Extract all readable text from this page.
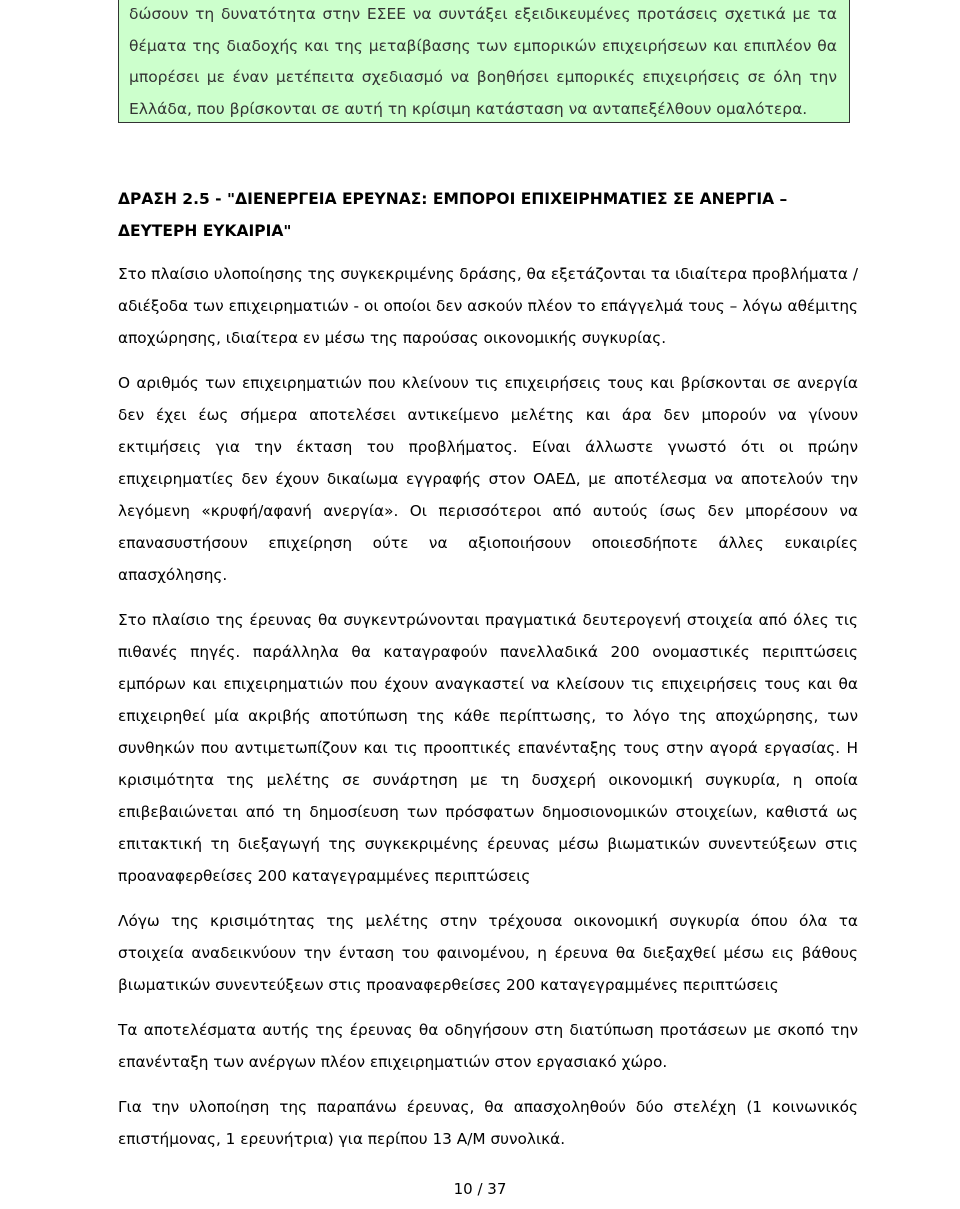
δώσουν τη δυνατότητα στην ΕΣΕΕ να συντάξει εξειδικευμένες προτάσεις σχετικά με τα θέματα της διαδοχής και της μεταβίβασης των εμπορικών επιχειρήσεων και επιπλέον θα μπορέσει με έναν μετέπειτα σχεδιασμό να βοηθήσει εμπορικές επιχειρήσεις σε όλη την Ελλάδα, που βρίσκονται σε αυτή τη κρίσιμη κατάσταση να ανταπεξέλθουν ομαλότερα.

ΔΡΑΣΗ 2.5 - "ΔΙΕΝΕΡΓΕΙΑ ΕΡΕΥΝΑΣ: ΕΜΠΟΡΟΙ ΕΠΙΧΕΙΡΗΜΑΤΙΕΣ ΣΕ ΑΝΕΡΓΙΑ – ΔΕΥΤΕΡΗ ΕΥΚΑΙΡΙΑ"

Στο πλαίσιο υλοποίησης της συγκεκριμένης δράσης, θα εξετάζονται τα ιδιαίτερα προβλήματα / αδιέξοδα των επιχειρηματιών - οι οποίοι δεν ασκούν πλέον το επάγγελμά τους – λόγω αθέμιτης αποχώρησης, ιδιαίτερα εν μέσω της παρούσας οικονομικής συγκυρίας.

Ο αριθμός των επιχειρηματιών που κλείνουν τις επιχειρήσεις τους και βρίσκονται σε ανεργία δεν έχει έως σήμερα αποτελέσει αντικείμενο μελέτης και άρα δεν μπορούν να γίνουν εκτιμήσεις για την έκταση του προβλήματος. Είναι άλλωστε γνωστό ότι οι πρώην επιχειρηματίες δεν έχουν δικαίωμα εγγραφής στον ΟΑΕΔ, με αποτέλεσμα να αποτελούν την λεγόμενη «κρυφή/αφανή ανεργία». Οι περισσότεροι από αυτούς ίσως δεν μπορέσουν να επανασυστήσουν επιχείρηση ούτε να αξιοποιήσουν οποιεσδήποτε άλλες ευκαιρίες απασχόλησης.

Στο πλαίσιο της έρευνας θα συγκεντρώνονται πραγματικά δευτερογενή στοιχεία από όλες τις πιθανές πηγές. παράλληλα θα καταγραφούν πανελλαδικά 200 ονομαστικές περιπτώσεις εμπόρων και επιχειρηματιών που έχουν αναγκαστεί να κλείσουν τις επιχειρήσεις τους και θα επιχειρηθεί μία ακριβής αποτύπωση της κάθε περίπτωσης, το λόγο της αποχώρησης, των συνθηκών που αντιμετωπίζουν και τις προοπτικές επανένταξης τους στην αγορά εργασίας. Η κρισιμότητα της μελέτης σε συνάρτηση με τη δυσχερή οικονομική συγκυρία, η οποία επιβεβαιώνεται από τη δημοσίευση των πρόσφατων δημοσιονομικών στοιχείων, καθιστά ως επιτακτική τη διεξαγωγή της συγκεκριμένης έρευνας μέσω βιωματικών συνεντεύξεων στις προαναφερθείσες 200 καταγεγραμμένες περιπτώσεις

Λόγω της κρισιμότητας της μελέτης στην τρέχουσα οικονομική συγκυρία όπου όλα τα στοιχεία αναδεικνύουν την ένταση του φαινομένου, η έρευνα θα διεξαχθεί μέσω εις βάθους βιωματικών συνεντεύξεων στις προαναφερθείσες 200 καταγεγραμμένες περιπτώσεις

Τα αποτελέσματα αυτής της έρευνας θα οδηγήσουν στη διατύπωση προτάσεων με σκοπό την επανένταξη των ανέργων πλέον επιχειρηματιών στον εργασιακό χώρο.

Για την υλοποίηση της παραπάνω έρευνας, θα απασχοληθούν δύο στελέχη (1 κοινωνικός επιστήμονας, 1 ερευνήτρια) για περίπου 13 Α/Μ συνολικά.

10 / 37
